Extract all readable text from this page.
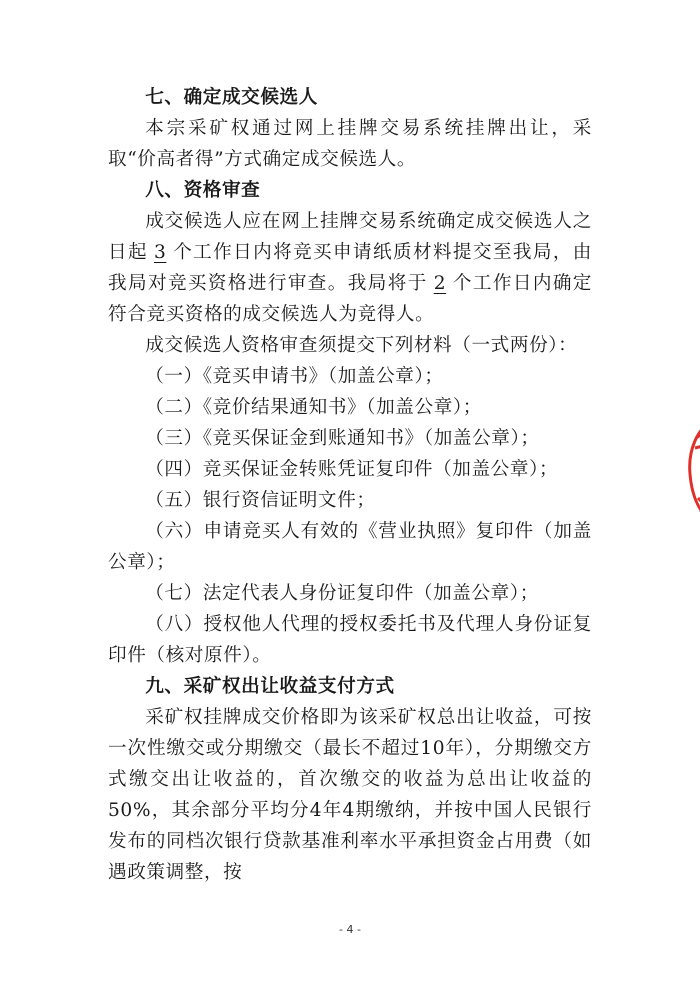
七、确定成交候选人

本宗采矿权通过网上挂牌交易系统挂牌出让，采取“价高者得”方式确定成交候选人。

八、资格审查

成交候选人应在网上挂牌交易系统确定成交候选人之日起 3 个工作日内将竞买申请纸质材料提交至我局，由我局对竞买资格进行审查。我局将于 2 个工作日内确定符合竞买资格的成交候选人为竞得人。

成交候选人资格审查须提交下列材料（一式两份）：

（一）《竞买申请书》（加盖公章）；

（二）《竞价结果通知书》（加盖公章）；

（三）《竞买保证金到账通知书》（加盖公章）；

（四）竞买保证金转账凭证复印件（加盖公章）；

（五）银行资信证明文件；

（六）申请竞买人有效的《营业执照》复印件（加盖公章）；

（七）法定代表人身份证复印件（加盖公章）；

（八）授权他人代理的授权委托书及代理人身份证复印件（核对原件）。

九、采矿权出让收益支付方式

采矿权挂牌成交价格即为该采矿权总出让收益，可按一次性缴交或分期缴交（最长不超过10年），分期缴交方式缴交出让收益的，首次缴交的收益为总出让收益的50%，其余部分平均分4年4期缴纳，并按中国人民银行发布的同档次银行贷款基准利率水平承担资金占用费（如遇政策调整，按

- 4 -
